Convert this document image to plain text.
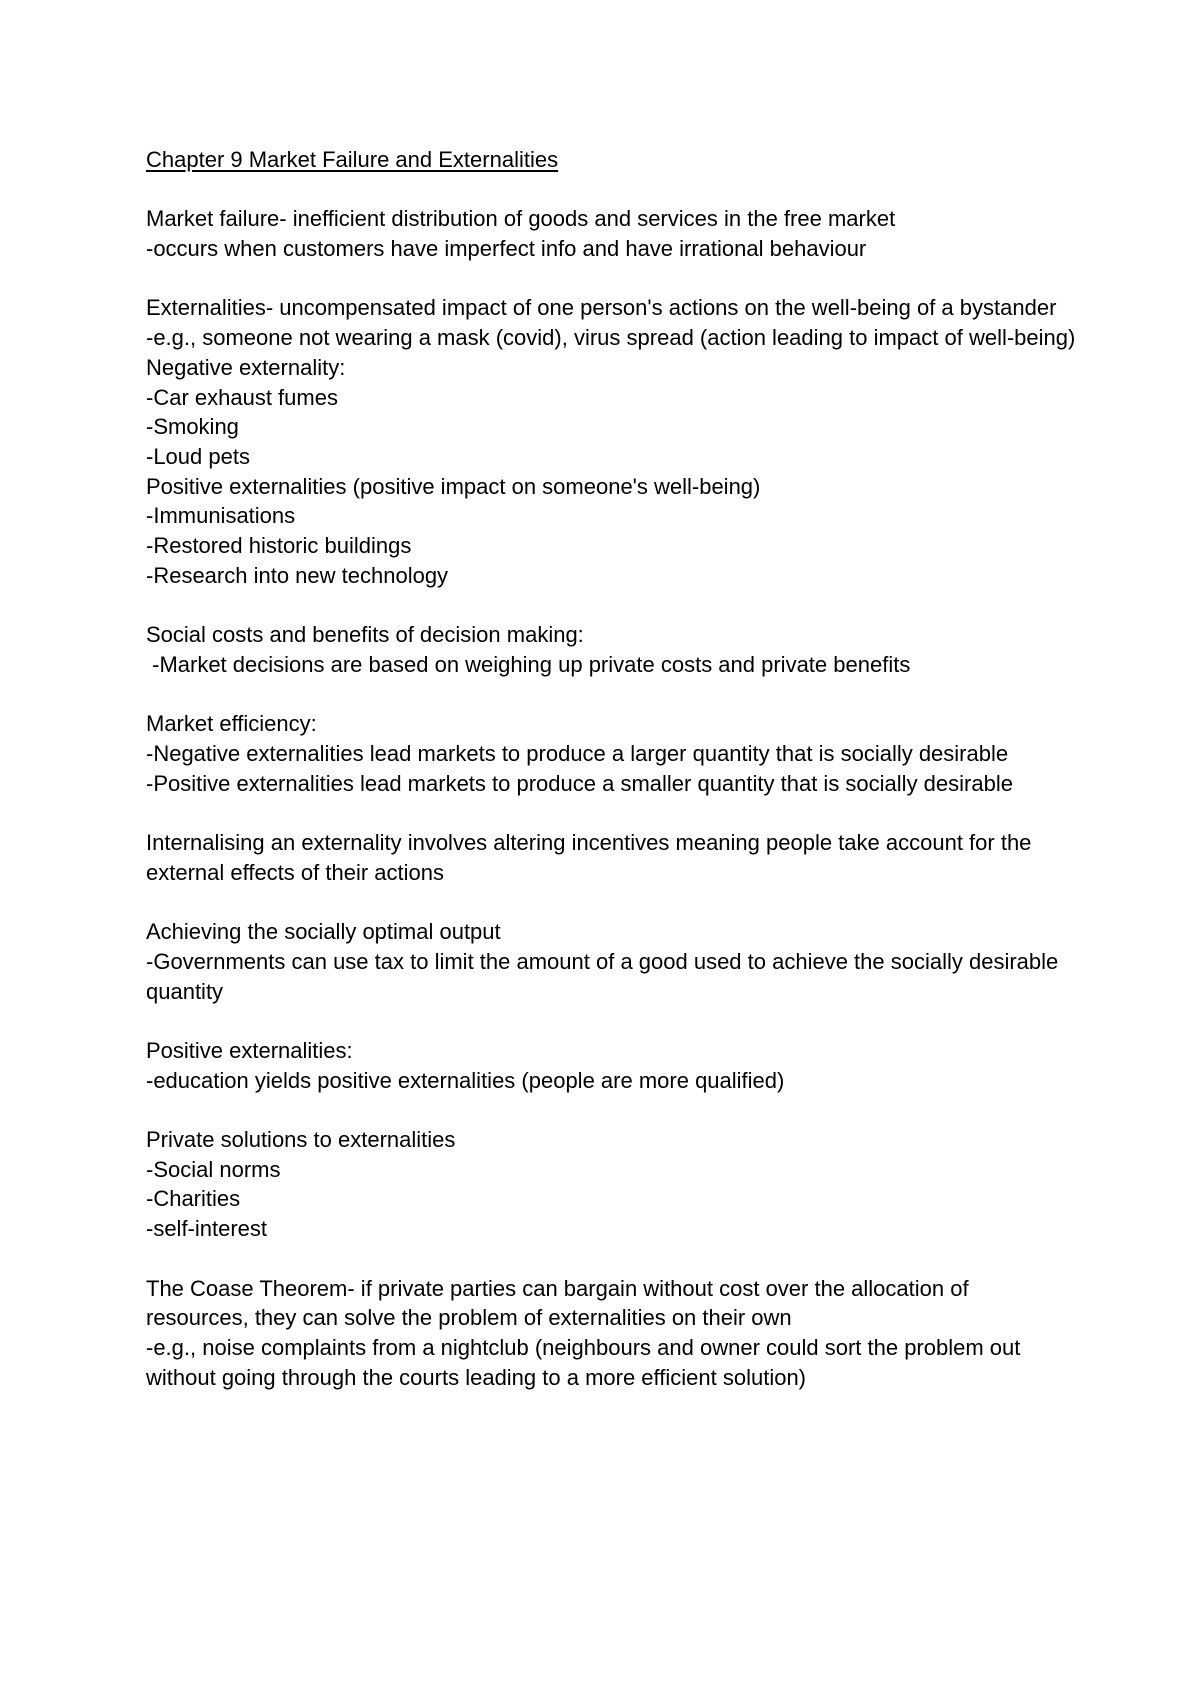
Chapter 9 Market Failure and Externalities
Market failure- inefficient distribution of goods and services in the free market
-occurs when customers have imperfect info and have irrational behaviour
Externalities- uncompensated impact of one person's actions on the well-being of a bystander
-e.g., someone not wearing a mask (covid), virus spread (action leading to impact of well-being)
Negative externality:
-Car exhaust fumes
-Smoking
-Loud pets
Positive externalities (positive impact on someone's well-being)
-Immunisations
-Restored historic buildings
-Research into new technology
Social costs and benefits of decision making:
-Market decisions are based on weighing up private costs and private benefits
Market efficiency:
-Negative externalities lead markets to produce a larger quantity that is socially desirable
-Positive externalities lead markets to produce a smaller quantity that is socially desirable
Internalising an externality involves altering incentives meaning people take account for the external effects of their actions
Achieving the socially optimal output
-Governments can use tax to limit the amount of a good used to achieve the socially desirable quantity
Positive externalities:
-education yields positive externalities (people are more qualified)
Private solutions to externalities
-Social norms
-Charities
-self-interest
The Coase Theorem- if private parties can bargain without cost over the allocation of resources, they can solve the problem of externalities on their own
-e.g., noise complaints from a nightclub (neighbours and owner could sort the problem out without going through the courts leading to a more efficient solution)
